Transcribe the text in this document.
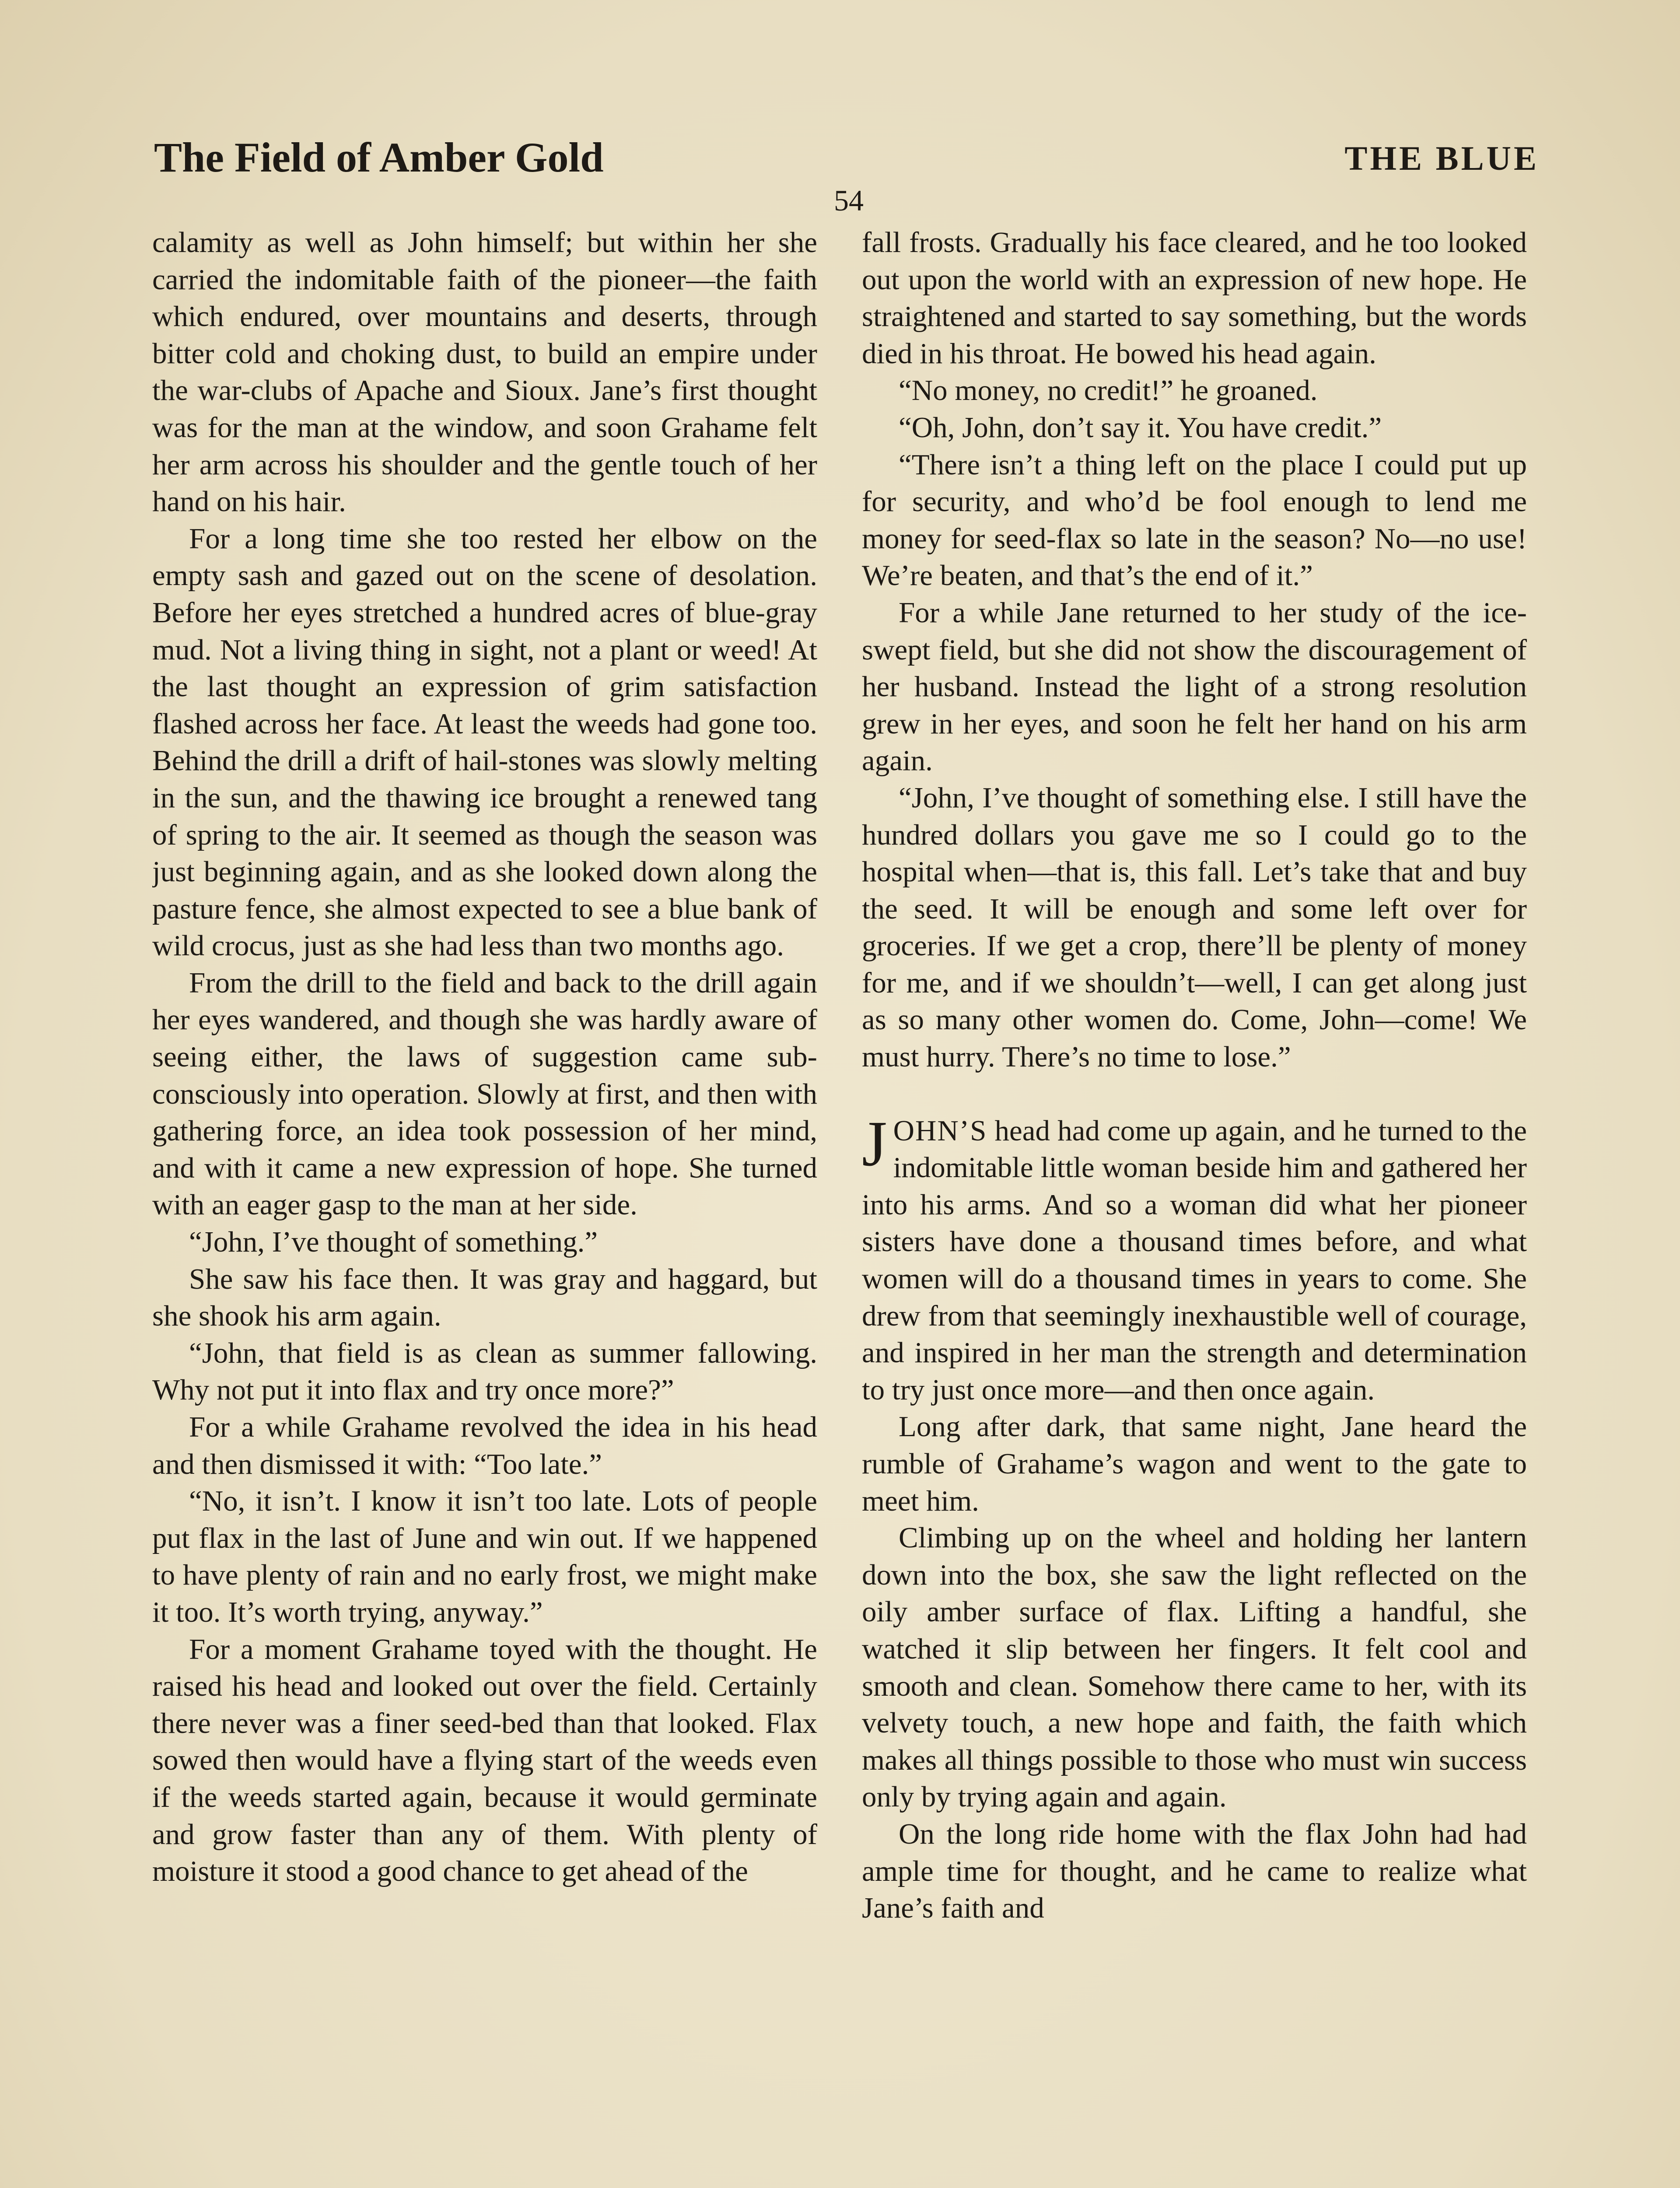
The Field of Amber Gold	THE BLUE
54

calamity as well as John himself; but within her she carried the indomitable faith of the pioneer—the faith which endured, over mountains and deserts, through bitter cold and choking dust, to build an empire under the war-clubs of Apache and Sioux. Jane’s first thought was for the man at the window, and soon Grahame felt her arm across his shoulder and the gentle touch of her hand on his hair.

For a long time she too rested her elbow on the empty sash and gazed out on the scene of desolation. Before her eyes stretched a hundred acres of blue-gray mud. Not a living thing in sight, not a plant or weed! At the last thought an expression of grim satisfaction flashed across her face. At least the weeds had gone too. Behind the drill a drift of hail-stones was slowly melting in the sun, and the thawing ice brought a renewed tang of spring to the air. It seemed as though the season was just beginning again, and as she looked down along the pasture fence, she almost expected to see a blue bank of wild crocus, just as she had less than two months ago.

From the drill to the field and back to the drill again her eyes wandered, and though she was hardly aware of seeing either, the laws of suggestion came sub-consciously into operation. Slowly at first, and then with gathering force, an idea took possession of her mind, and with it came a new expression of hope. She turned with an eager gasp to the man at her side.

“John, I’ve thought of something.”

She saw his face then. It was gray and haggard, but she shook his arm again.

“John, that field is as clean as summer fallowing. Why not put it into flax and try once more?”

For a while Grahame revolved the idea in his head and then dismissed it with: “Too late.”

“No, it isn’t. I know it isn’t too late. Lots of people put flax in the last of June and win out. If we happened to have plenty of rain and no early frost, we might make it too. It’s worth trying, anyway.”

For a moment Grahame toyed with the thought. He raised his head and looked out over the field. Certainly there never was a finer seed-bed than that looked. Flax sowed then would have a flying start of the weeds even if the weeds started again, because it would germinate and grow faster than any of them. With plenty of moisture it stood a good chance to get ahead of the

fall frosts. Gradually his face cleared, and he too looked out upon the world with an expression of new hope. He straightened and started to say something, but the words died in his throat. He bowed his head again.

“No money, no credit!” he groaned.

“Oh, John, don’t say it. You have credit.”

“There isn’t a thing left on the place I could put up for security, and who’d be fool enough to lend me money for seed-flax so late in the season? No—no use! We’re beaten, and that’s the end of it.”

For a while Jane returned to her study of the ice-swept field, but she did not show the discouragement of her husband. Instead the light of a strong resolution grew in her eyes, and soon he felt her hand on his arm again.

“John, I’ve thought of something else. I still have the hundred dollars you gave me so I could go to the hospital when—that is, this fall. Let’s take that and buy the seed. It will be enough and some left over for groceries. If we get a crop, there’ll be plenty of money for me, and if we shouldn’t—well, I can get along just as so many other women do. Come, John—come! We must hurry. There’s no time to lose.”

JOHN’S head had come up again, and he turned to the indomitable little woman beside him and gathered her into his arms. And so a woman did what her pioneer sisters have done a thousand times before, and what women will do a thousand times in years to come. She drew from that seemingly inexhaustible well of courage, and inspired in her man the strength and determination to try just once more—and then once again.

Long after dark, that same night, Jane heard the rumble of Grahame’s wagon and went to the gate to meet him.

Climbing up on the wheel and holding her lantern down into the box, she saw the light reflected on the oily amber surface of flax. Lifting a handful, she watched it slip between her fingers. It felt cool and smooth and clean. Somehow there came to her, with its velvety touch, a new hope and faith, the faith which makes all things possible to those who must win success only by trying again and again.

On the long ride home with the flax John had had ample time for thought, and he came to realize what Jane’s faith and
